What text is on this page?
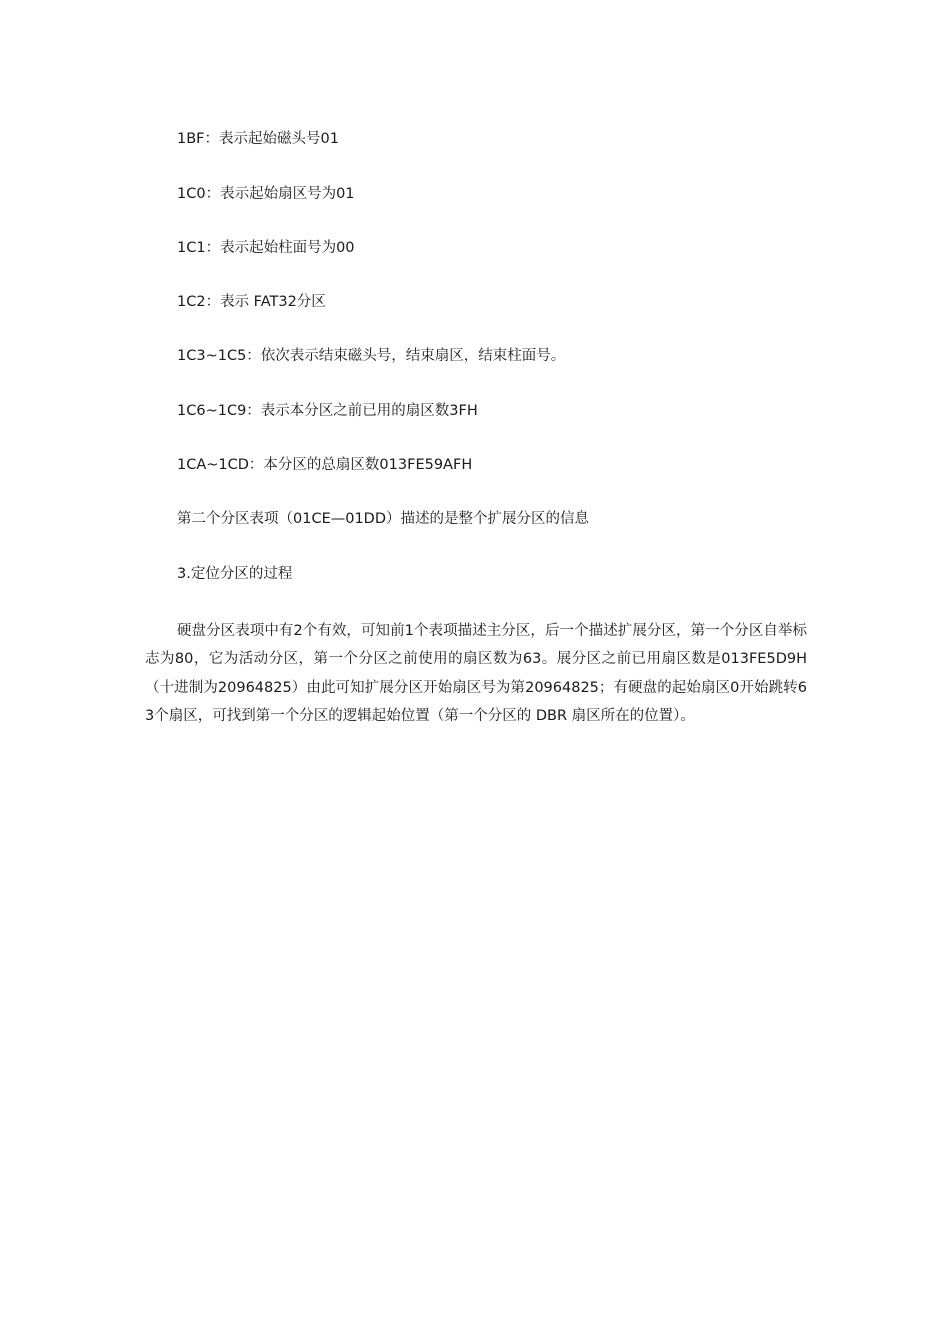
1BF：表示起始磁头号01
1C0：表示起始扇区号为01
1C1：表示起始柱面号为00
1C2：表示 FAT32分区
1C3~1C5：依次表示结束磁头号，结束扇区，结束柱面号。
1C6~1C9：表示本分区之前已用的扇区数3FH
1CA~1CD：本分区的总扇区数013FE59AFH
第二个分区表项（01CE—01DD）描述的是整个扩展分区的信息
3.定位分区的过程
硬盘分区表项中有2个有效，可知前1个表项描述主分区，后一个描述扩展分区，第一个分区自举标志为80，它为活动分区，第一个分区之前使用的扇区数为63。展分区之前已用扇区数是013FE5D9H（十进制为20964825）由此可知扩展分区开始扇区号为第20964825；有硬盘的起始扇区0开始跳转63个扇区，可找到第一个分区的逻辑起始位置（第一个分区的 DBR 扇区所在的位置）。
